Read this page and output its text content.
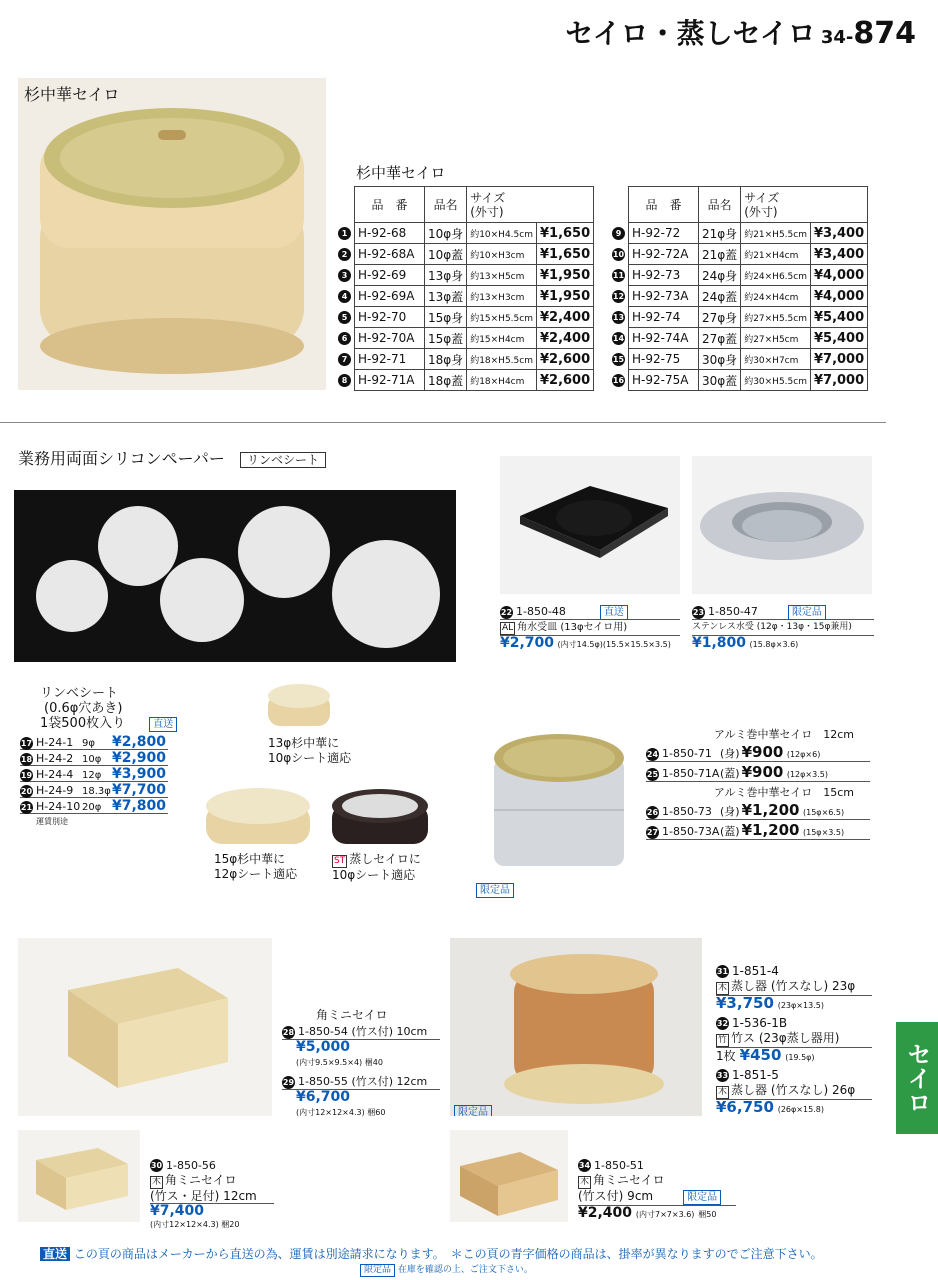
セイロ・蒸しセイロ 34-874
セイロ
杉中華セイロ
杉中華セイロ
	品　番	品名	サイズ
(外寸)	
1	H-92-68	10φ身	約10×H4.5cm	¥1,650
2	H-92-68A	10φ蓋	約10×H3cm	¥1,650
3	H-92-69	13φ身	約13×H5cm	¥1,950
4	H-92-69A	13φ蓋	約13×H3cm	¥1,950
5	H-92-70	15φ身	約15×H5.5cm	¥2,400
6	H-92-70A	15φ蓋	約15×H4cm	¥2,400
7	H-92-71	18φ身	約18×H5.5cm	¥2,600
8	H-92-71A	18φ蓋	約18×H4cm	¥2,600
	品　番	品名	サイズ
(外寸)	
9	H-92-72	21φ身	約21×H5.5cm	¥3,400
10	H-92-72A	21φ蓋	約21×H4cm	¥3,400
11	H-92-73	24φ身	約24×H6.5cm	¥4,000
12	H-92-73A	24φ蓋	約24×H4cm	¥4,000
13	H-92-74	27φ身	約27×H5.5cm	¥5,400
14	H-92-74A	27φ蓋	約27×H5cm	¥5,400
15	H-92-75	30φ身	約30×H7cm	¥7,000
16	H-92-75A	30φ蓋	約30×H5.5cm	¥7,000
業務用両面シリコンペーパー リンベシート
リンベシート
(0.6φ穴あき)
1袋500枚入り	直送
17 H-24-1 9φ ¥2,800
18 H-24-2 10φ ¥2,900
19 H-24-4 12φ ¥3,900
20 H-24-9 18.3φ¥7,700
21 H-24-10 20φ ¥7,800
運賃別途
13φ杉中華に
10φシート適応
15φ杉中華に
12φシート適応
ST 蒸しセイロに
10φシート適応
22 1-850-48	直送
AL 角水受皿 (13φセイロ用)
¥2,700 (内寸14.5φ)(15.5×15.5×3.5)
23 1-850-47	限定品
ステンレス水受 (12φ・13φ・15φ兼用)
¥1,800 (15.8φ×3.6)
限定品
アルミ巻中華セイロ　12cm
24 1-850-71 (身) ¥900 (12φ×6)
25 1-850-71A(蓋) ¥900 (12φ×3.5)
アルミ巻中華セイロ　15cm
26 1-850-73 (身) ¥1,200 (15φ×6.5)
27 1-850-73A(蓋) ¥1,200 (15φ×3.5)
角ミニセイロ
28 1-850-54 (竹ス付) 10cm
¥5,000
(内寸9.5×9.5×4) 梱40
29 1-850-55 (竹ス付) 12cm
¥6,700
(内寸12×12×4.3) 梱60
30 1-850-56
木 角ミニセイロ
(竹ス・足付) 12cm
¥7,400
(内寸12×12×4.3) 梱20
限定品
31 1-851-4
木 蒸し器 (竹スなし) 23φ
¥3,750 (23φ×13.5)
32 1-536-1B
竹 竹ス (23φ蒸し器用)
1枚 ¥450 (19.5φ)
33 1-851-5
木 蒸し器 (竹スなし) 26φ
¥6,750 (26φ×15.8)
34 1-850-51
木 角ミニセイロ
(竹ス付) 9cm	限定品
¥2,400 (内寸7×7×3.6) 梱50
直送 この頁の商品はメーカーから直送の為、運賃は別途請求になります。　 ＊この頁の青字価格の商品は、掛率が異なりますのでご注意下さい。
限定品 在庫を確認の上、ご注文下さい。
